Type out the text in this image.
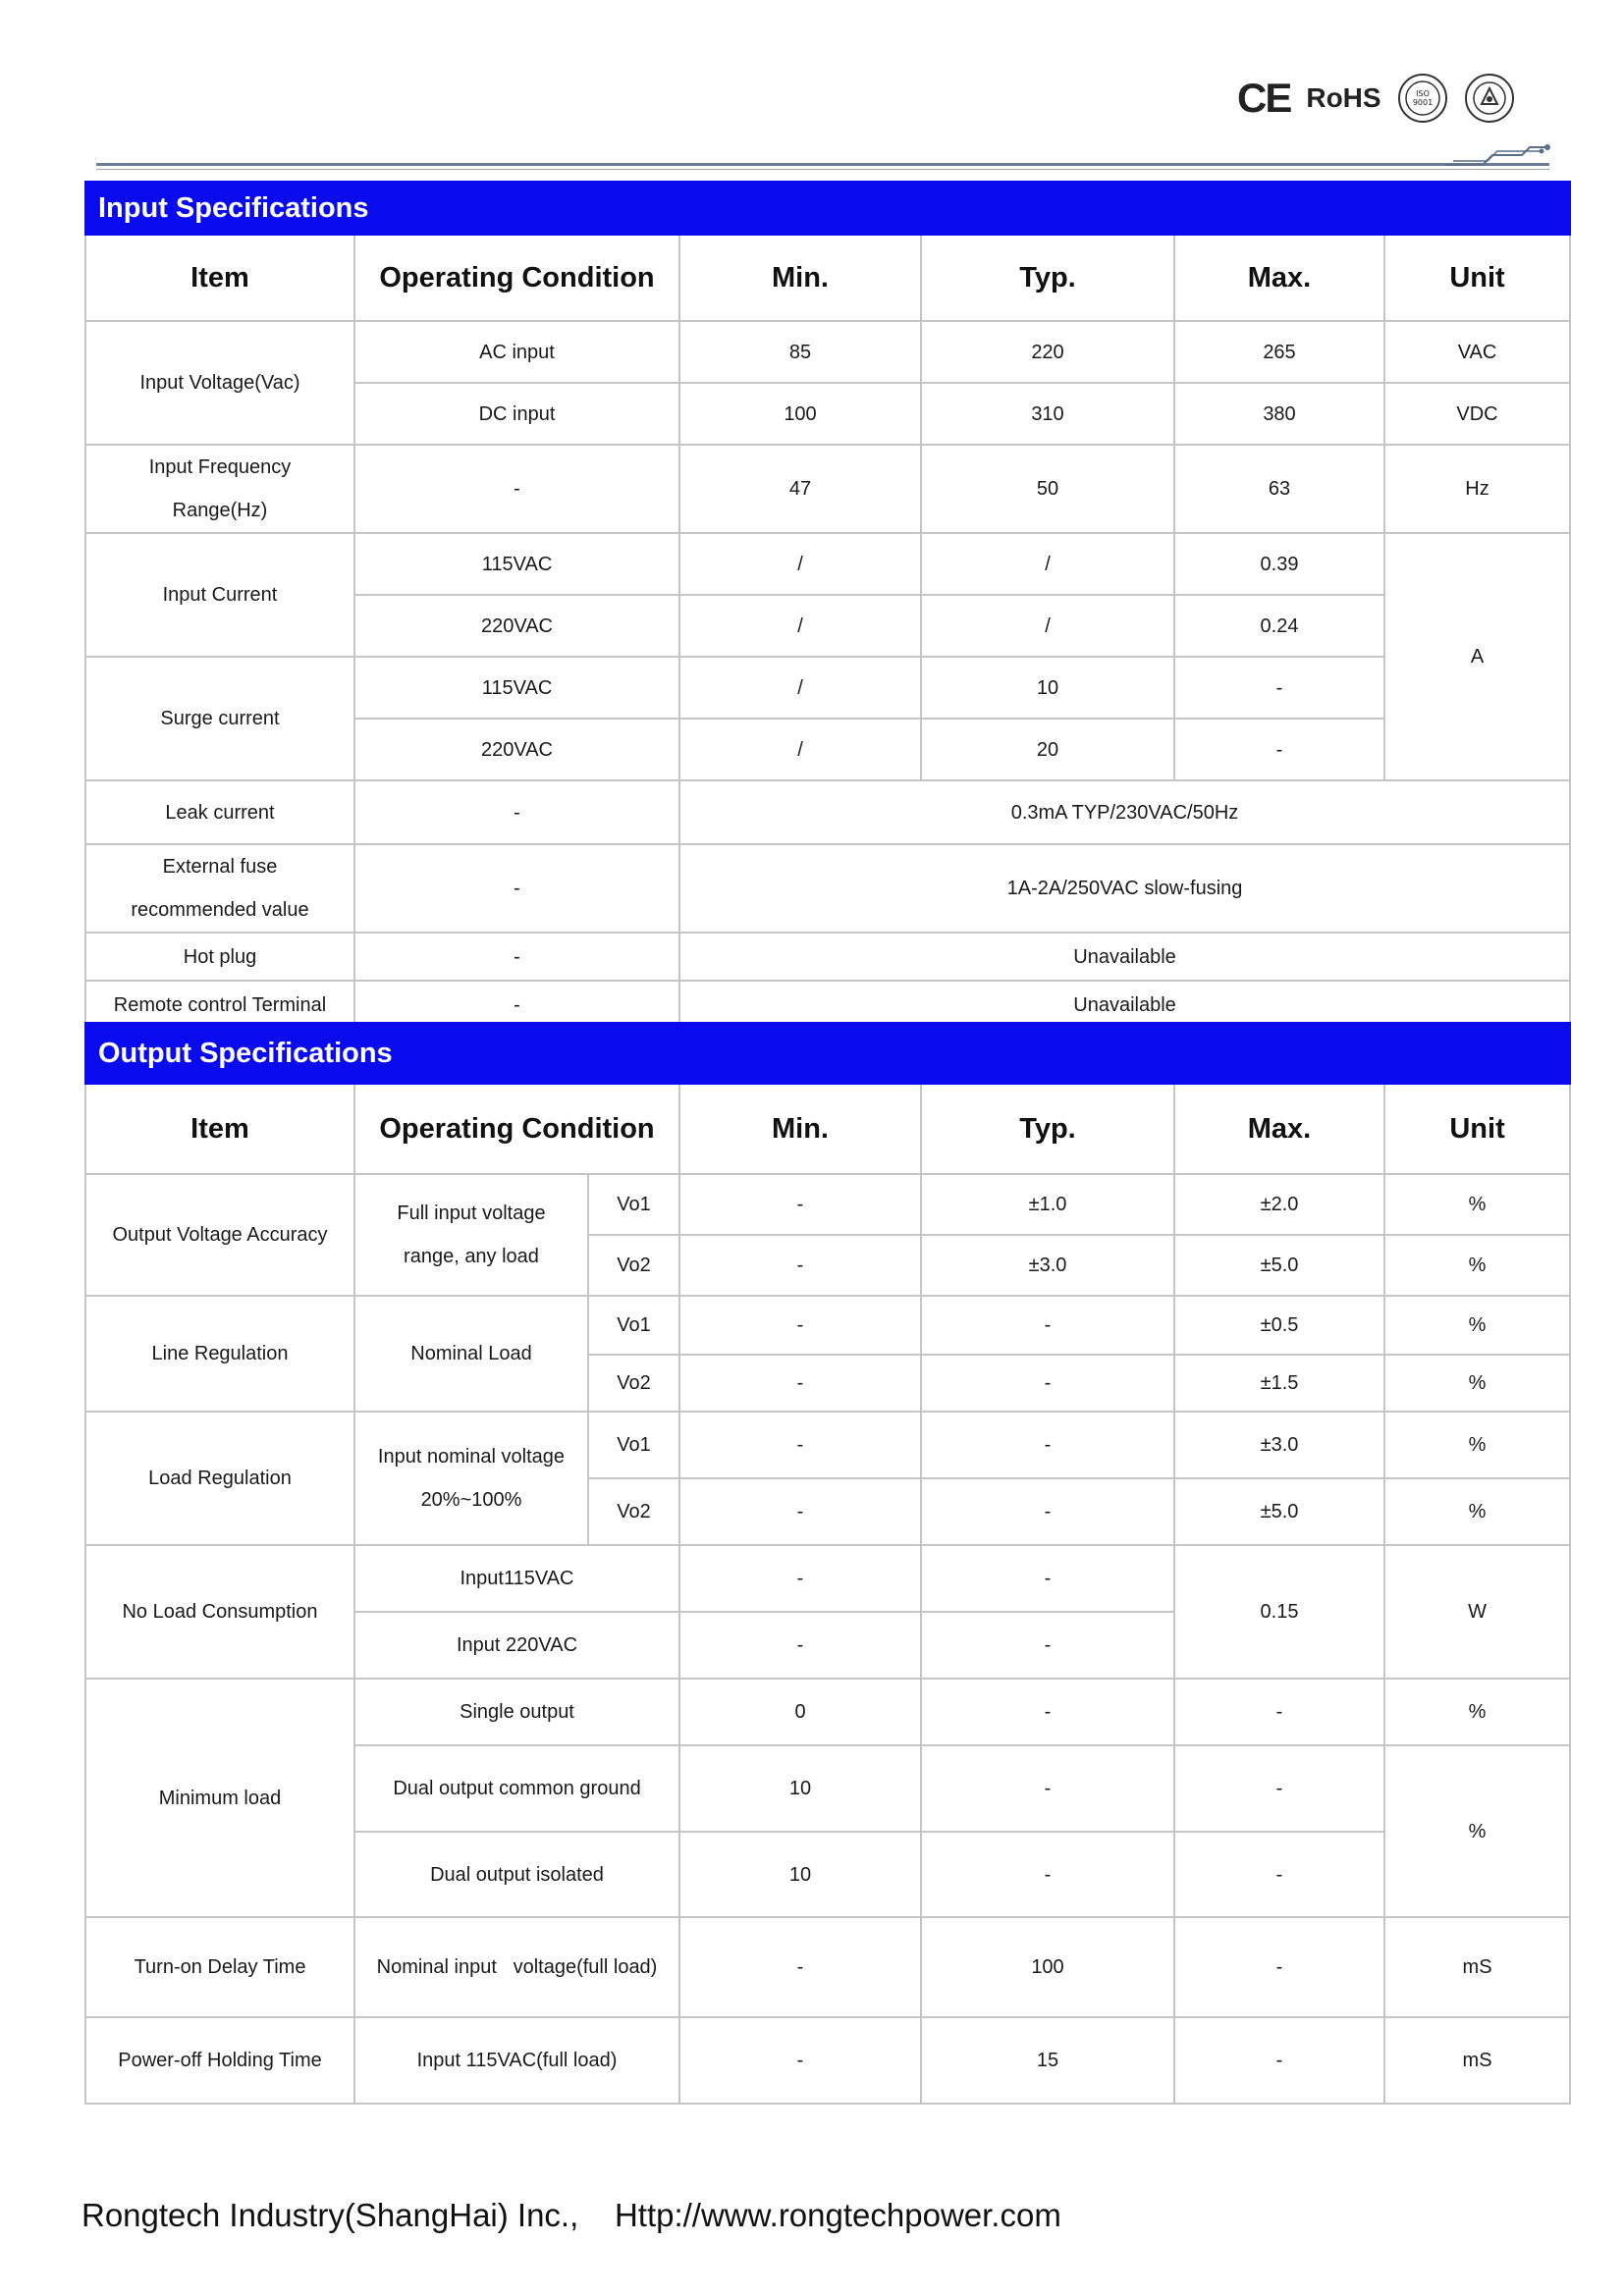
CE RoHS	ISO
9001
Input Specifications					
Item	Operating Condition	Min.	Typ.	Max.	Unit
Input Voltage(Vac)	AC input	85	220	265	VAC
	DC input	100	310	380	VDC

Input Frequency
Range(Hz)	-	47	50	63	Hz
Input Current	115VAC	/	/	0.39	A
	220VAC	/	/	0.24	
Surge current	115VAC	/	10	-	
	220VAC	/	20	-	
Leak current	-	0.3mA TYP/230VAC/50Hz			

External fuse
recommended value	-	1A-2A/250VAC slow-fusing			
Hot plug	-	Unavailable			
Remote control Terminal	-	Unavailable			
Output Specifications						
Item	Operating Condition		Min.	Typ.	Max.	Unit
Output Voltage Accuracy	Full input voltage
range, any load	Vo1	-	±1.0	±2.0	%
		Vo2	-	±3.0	±5.0	%
Line Regulation	Nominal Load	Vo1	-	-	±0.5	%
		Vo2	-	-	±1.5	%
Load Regulation	Input nominal voltage
20%~100%	Vo1	-	-	±3.0	%
		Vo2	-	-	±5.0	%
No Load Consumption	Input115VAC		-	-	0.15	W
	Input 220VAC		-	-		
Minimum load	Single output		0	-	-	%
	Dual output common ground		10	-	-	%
	Dual output isolated		10	-	-	
Turn-on Delay Time	Nominal input   voltage(full load)		-	100	-	mS
Power-off Holding Time	Input 115VAC(full load)		-	15	-	mS
Rongtech Industry(ShangHai) Inc., Http://www.rongtechpower.com
